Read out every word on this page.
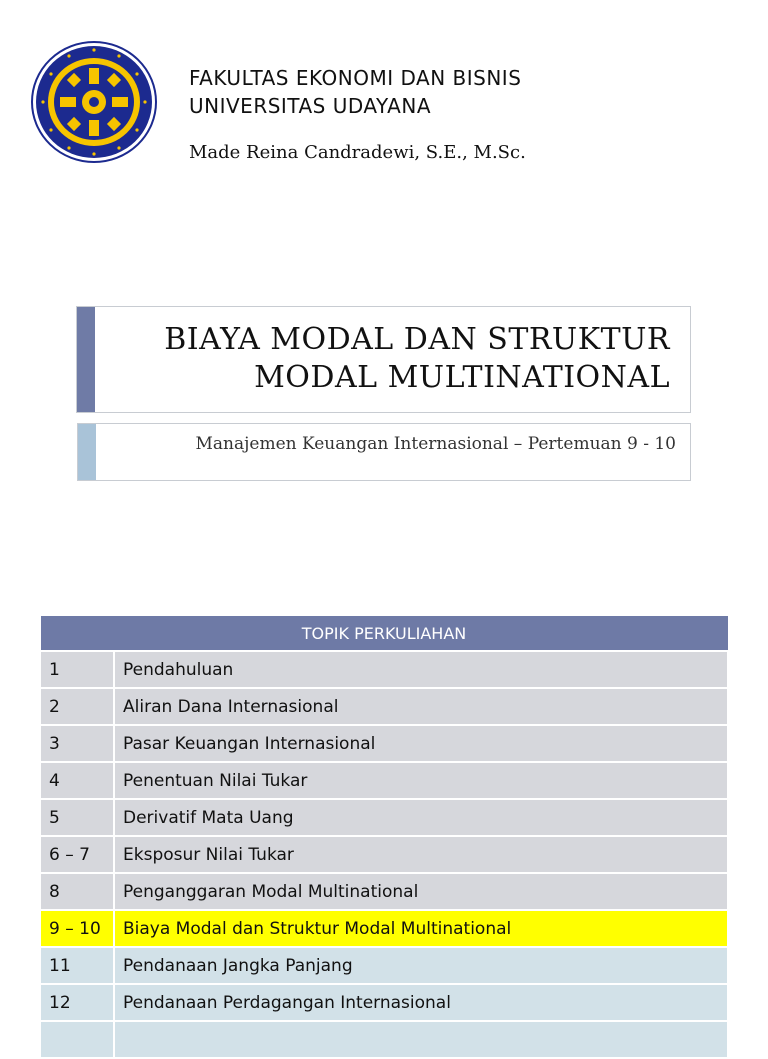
FAKULTAS EKONOMI DAN BISNIS
UNIVERSITAS UDAYANA
Made Reina Candradewi, S.E., M.Sc.
BIAYA MODAL DAN STRUKTUR
MODAL MULTINATIONAL
Manajemen Keuangan Internasional – Pertemuan 9 - 10
TOPIK PERKULIAHAN	
1	Pendahuluan
2	Aliran Dana Internasional
3	Pasar Keuangan Internasional
4	Penentuan Nilai Tukar
5	Derivatif Mata Uang
6 – 7	Eksposur Nilai Tukar
8	Penganggaran Modal Multinational
9 – 10	Biaya Modal dan Struktur Modal Multinational
11	Pendanaan Jangka Panjang
12	Pendanaan Perdagangan Internasional
